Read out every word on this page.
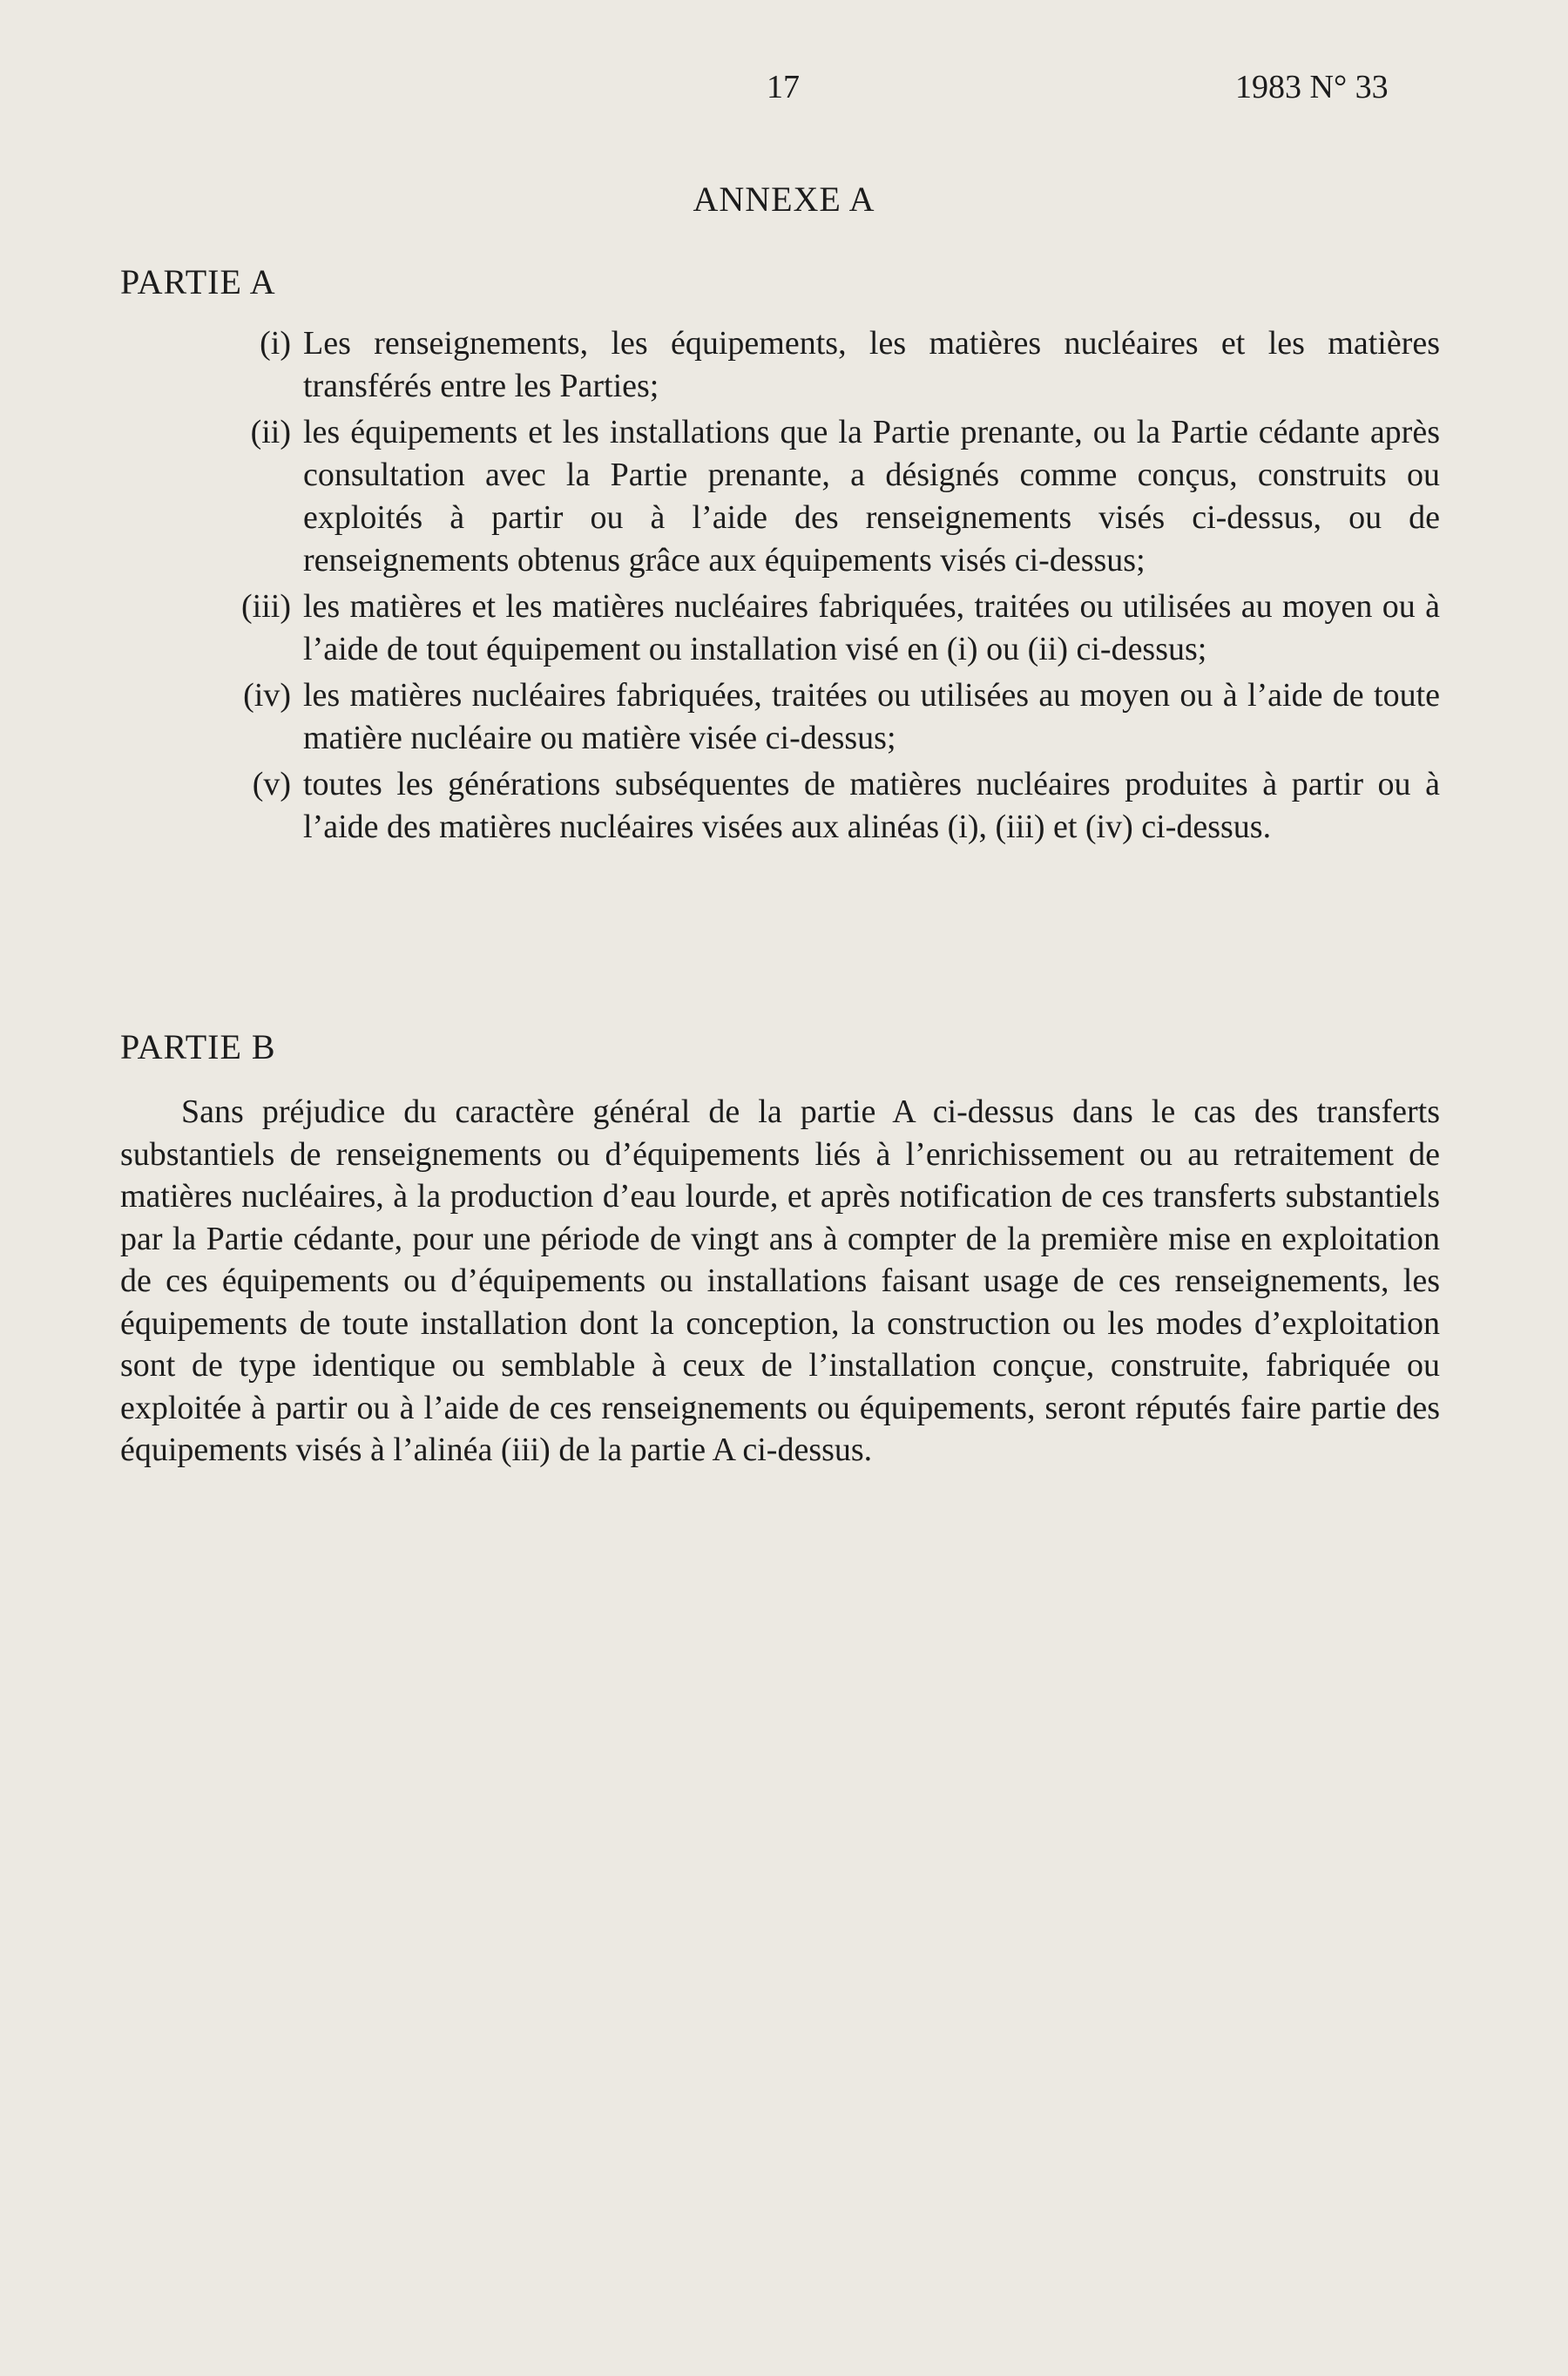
17	1983 N° 33
ANNEXE A
PARTIE A
(i) Les renseignements, les équipements, les matières nucléaires et les matières transférés entre les Parties;
(ii) les équipements et les installations que la Partie prenante, ou la Partie cédante après consultation avec la Partie prenante, a désignés comme conçus, construits ou exploités à partir ou à l’aide des renseignements visés ci-dessus, ou de renseignements obtenus grâce aux équipements visés ci-dessus;
(iii) les matières et les matières nucléaires fabriquées, traitées ou utilisées au moyen ou à l’aide de tout équipement ou installation visé en (i) ou (ii) ci-dessus;
(iv) les matières nucléaires fabriquées, traitées ou utilisées au moyen ou à l’aide de toute matière nucléaire ou matière visée ci-dessus;
(v) toutes les générations subséquentes de matières nucléaires produites à partir ou à l’aide des matières nucléaires visées aux alinéas (i), (iii) et (iv) ci-dessus.
PARTIE B
Sans préjudice du caractère général de la partie A ci-dessus dans le cas des transferts substantiels de renseignements ou d’équipements liés à l’enrichissement ou au retraitement de matières nucléaires, à la production d’eau lourde, et après notification de ces transferts substantiels par la Partie cédante, pour une période de vingt ans à compter de la première mise en exploitation de ces équipements ou d’équipements ou installations faisant usage de ces renseignements, les équipements de toute installation dont la conception, la construction ou les modes d’exploitation sont de type identique ou semblable à ceux de l’installation conçue, construite, fabriquée ou exploitée à partir ou à l’aide de ces renseignements ou équipements, seront réputés faire partie des équipements visés à l’alinéa (iii) de la partie A ci-dessus.
